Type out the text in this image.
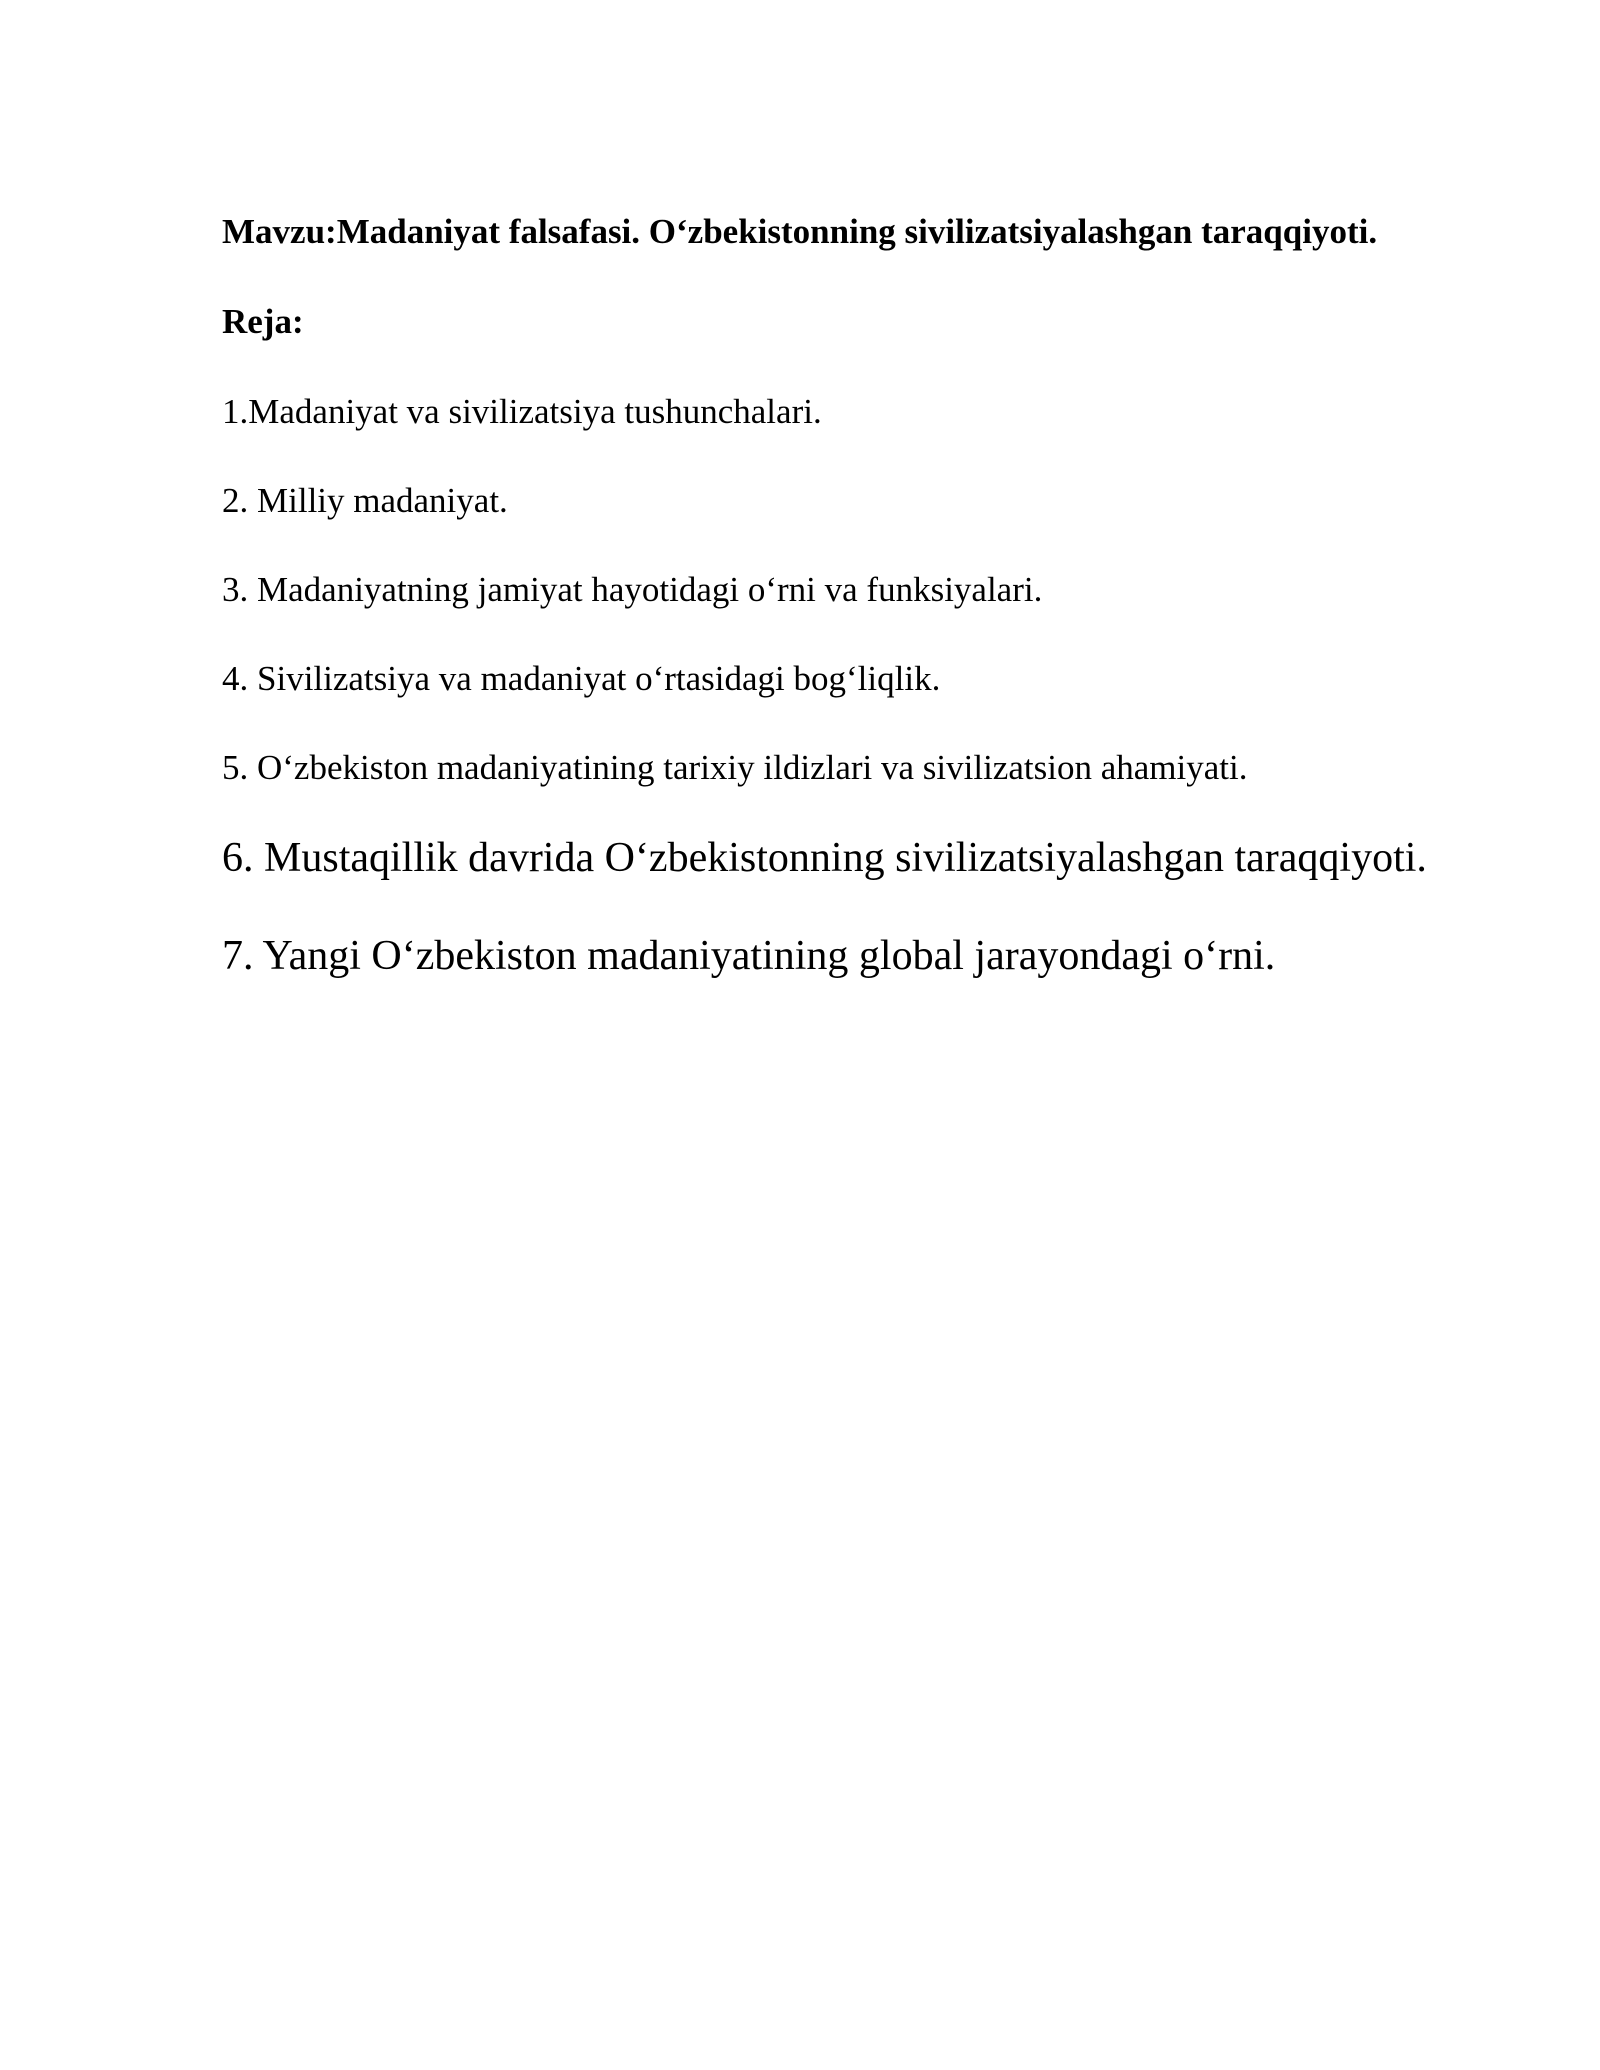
Mavzu:Madaniyat falsafasi. O‘zbekistonning sivilizatsiyalashgan taraqqiyoti.

Reja:

1.Madaniyat va sivilizatsiya tushunchalari.

2. Milliy madaniyat.

3. Madaniyatning jamiyat hayotidagi o‘rni va funksiyalari.

4. Sivilizatsiya va madaniyat o‘rtasidagi bog‘liqlik.

5. O‘zbekiston madaniyatining tarixiy ildizlari va sivilizatsion ahamiyati.

6. Mustaqillik davrida O‘zbekistonning sivilizatsiyalashgan taraqqiyoti.

7. Yangi O‘zbekiston madaniyatining global jarayondagi o‘rni.
